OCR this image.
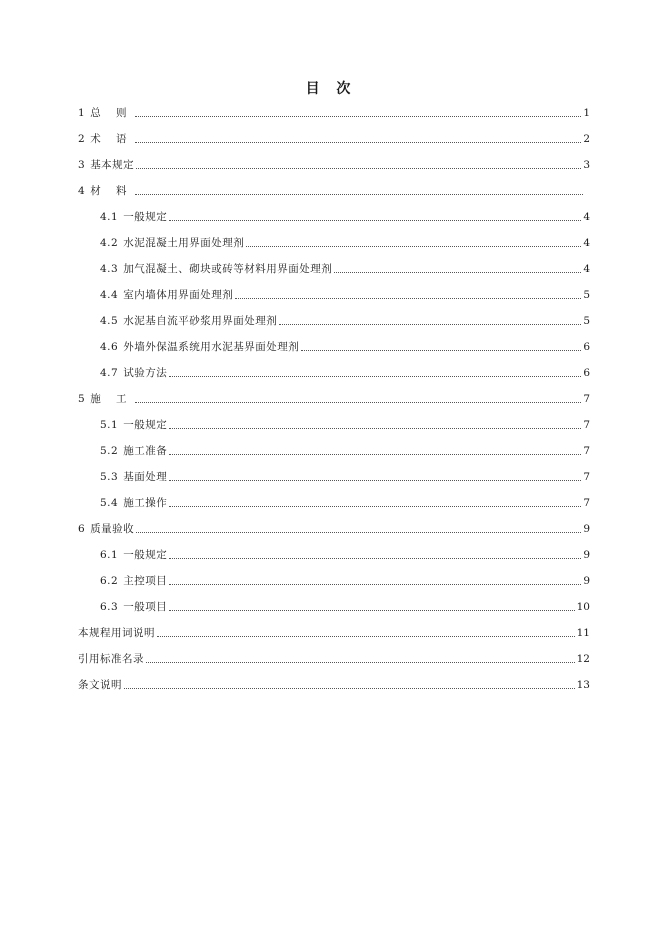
目 次
1 总 则	1
2 术 语	2
3 基本规定	3
4 材 料
4.1 一般规定	4
4.2 水泥混凝土用界面处理剂	4
4.3 加气混凝土、砌块或砖等材料用界面处理剂	4
4.4 室内墙体用界面处理剂	5
4.5 水泥基自流平砂浆用界面处理剂	5
4.6 外墙外保温系统用水泥基界面处理剂	6
4.7 试验方法	6
5 施 工	7
5.1 一般规定	7
5.2 施工准备	7
5.3 基面处理	7
5.4 施工操作	7
6 质量验收	9
6.1 一般规定	9
6.2 主控项目	9
6.3 一般项目	10
本规程用词说明	11
引用标准名录	12
条文说明	13
